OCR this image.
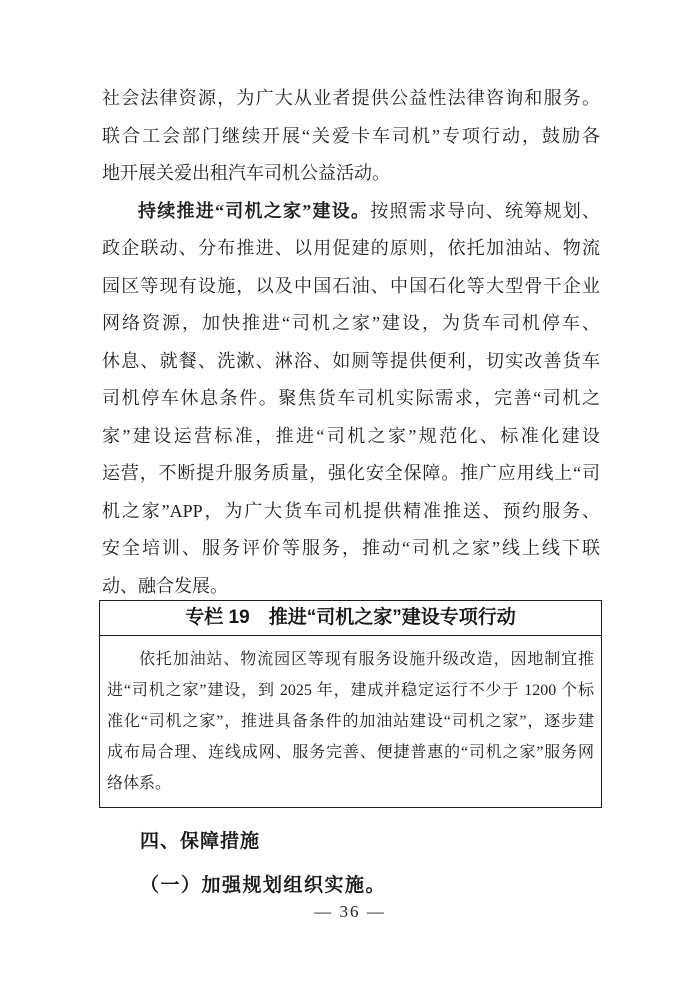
社会法律资源，为广大从业者提供公益性法律咨询和服务。
联合工会部门继续开展“关爱卡车司机”专项行动，鼓励各
地开展关爱出租汽车司机公益活动。
持续推进“司机之家”建设。按照需求导向、统筹规划、
政企联动、分布推进、以用促建的原则，依托加油站、物流
园区等现有设施，以及中国石油、中国石化等大型骨干企业
网络资源，加快推进“司机之家”建设，为货车司机停车、
休息、就餐、洗漱、淋浴、如厕等提供便利，切实改善货车
司机停车休息条件。聚焦货车司机实际需求，完善“司机之
家”建设运营标准，推进“司机之家”规范化、标准化建设
运营，不断提升服务质量，强化安全保障。推广应用线上“司
机之家”APP，为广大货车司机提供精准推送、预约服务、
安全培训、服务评价等服务，推动“司机之家”线上线下联
动、融合发展。
专栏 19　推进“司机之家”建设专项行动
依托加油站、物流园区等现有服务设施升级改造，因地制宜推
进“司机之家”建设，到 2025 年，建成并稳定运行不少于 1200 个标
准化“司机之家”，推进具备条件的加油站建设“司机之家”，逐步建
成布局合理、连线成网、服务完善、便捷普惠的“司机之家”服务网
络体系。
四、保障措施
（一）加强规划组织实施。
— 36 —
